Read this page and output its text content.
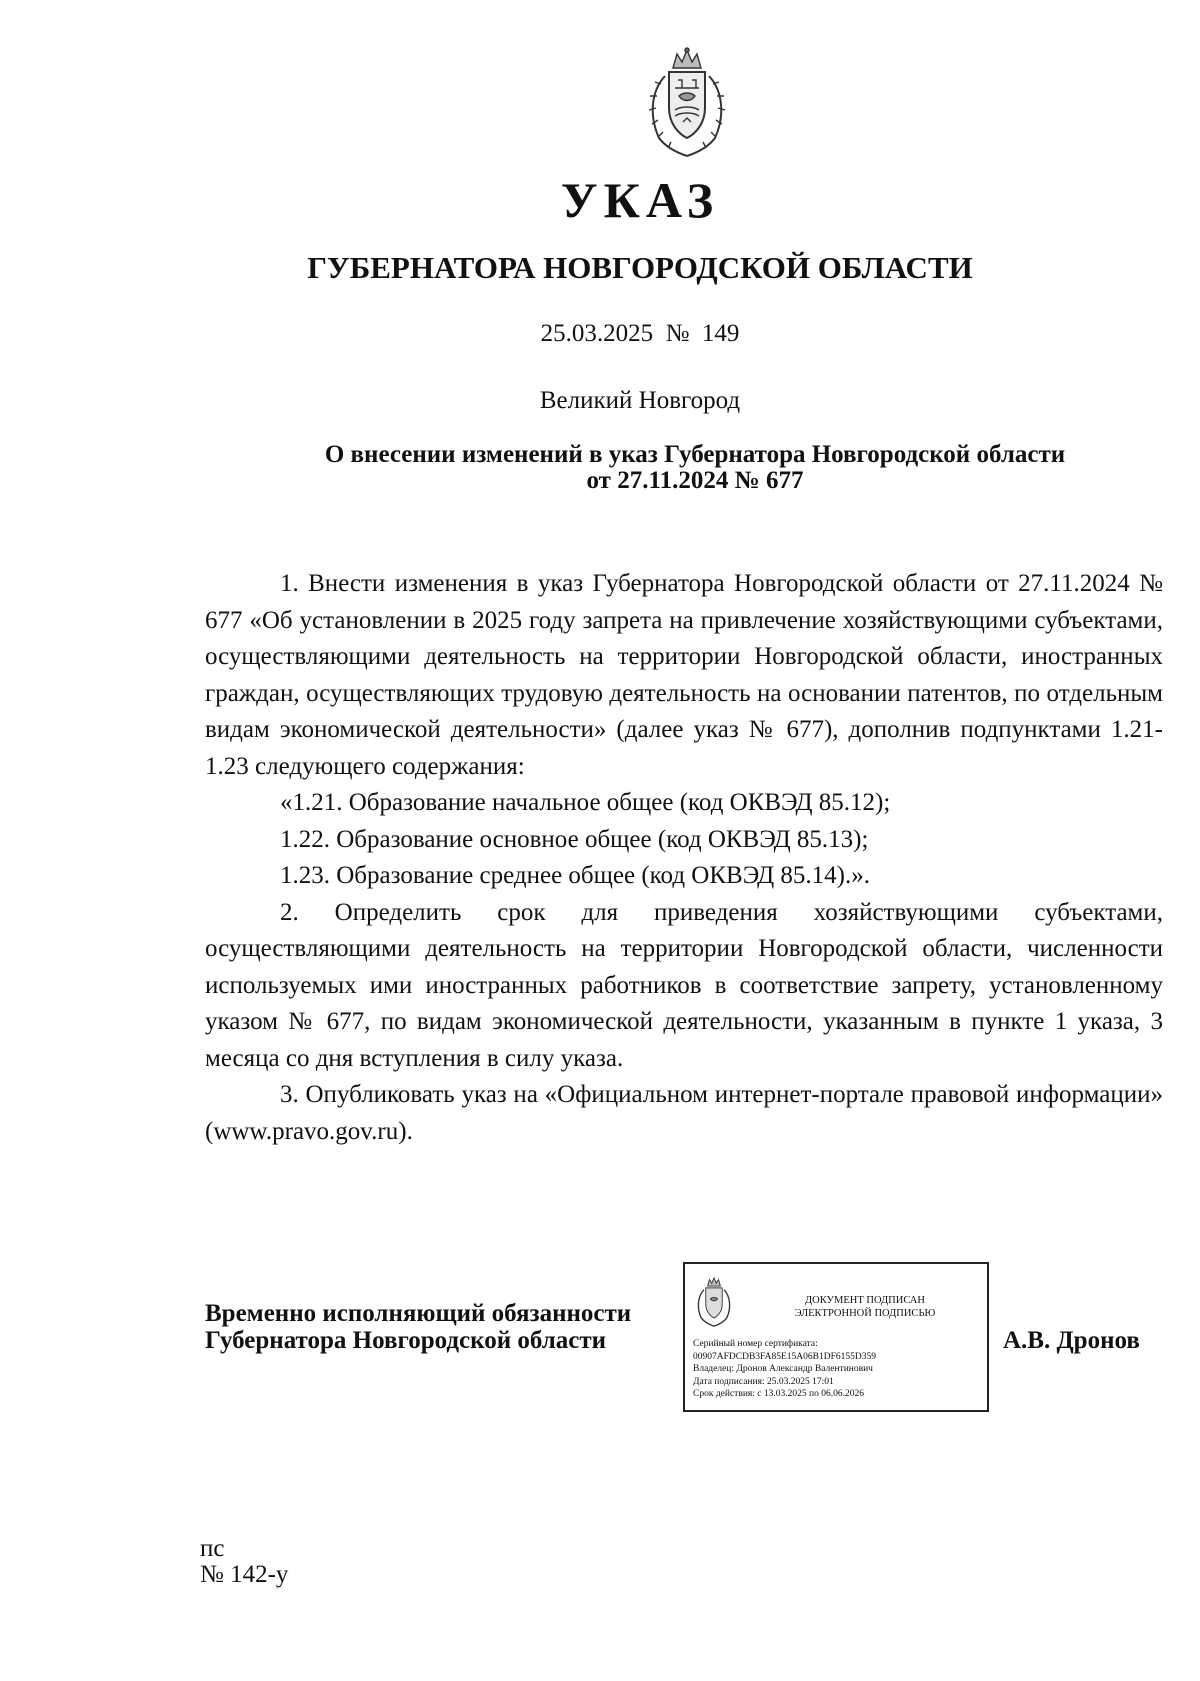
УКАЗ
ГУБЕРНАТОРА НОВГОРОДСКОЙ ОБЛАСТИ
25.03.2025  №  149
Великий Новгород
О внесении изменений в указ Губернатора Новгородской области
от 27.11.2024 № 677

1. Внести изменения в указ Губернатора Новгородской области от 27.11.2024 № 677 «Об установлении в 2025 году запрета на привлечение хозяйствующими субъектами, осуществляющими деятельность на территории Новгородской области, иностранных граждан, осуществляющих трудовую деятельность на основании патентов, по отдельным видам экономической деятельности» (далее указ № 677), дополнив подпунктами 1.21-1.23 следующего содержания:

«1.21. Образование начальное общее (код ОКВЭД 85.12);

1.22. Образование основное общее (код ОКВЭД 85.13);

1.23. Образование среднее общее (код ОКВЭД 85.14).».

2. Определить срок для приведения хозяйствующими субъектами, осуществляющими деятельность на территории Новгородской области, численности используемых ими иностранных работников в соответствие запрету, установленному указом № 677, по видам экономической деятельности, указанным в пункте 1 указа, 3 месяца со дня вступления в силу указа.

3. Опубликовать указ на «Официальном интернет-портале правовой информации» (www.pravo.gov.ru).

Временно исполняющий обязанности
Губернатора Новгородской области
ДОКУМЕНТ ПОДПИСАН
ЭЛЕКТРОННОЙ ПОДПИСЬЮ
Серийный номер сертификата:
00907AFDCDB3FA85E15A06B1DF6155D359
Владелец: Дронов Александр Валентинович
Дата подписания: 25.03.2025 17:01
Срок действия: с 13.03.2025 по 06.06.2026
А.В. Дронов
пс
№ 142-у
